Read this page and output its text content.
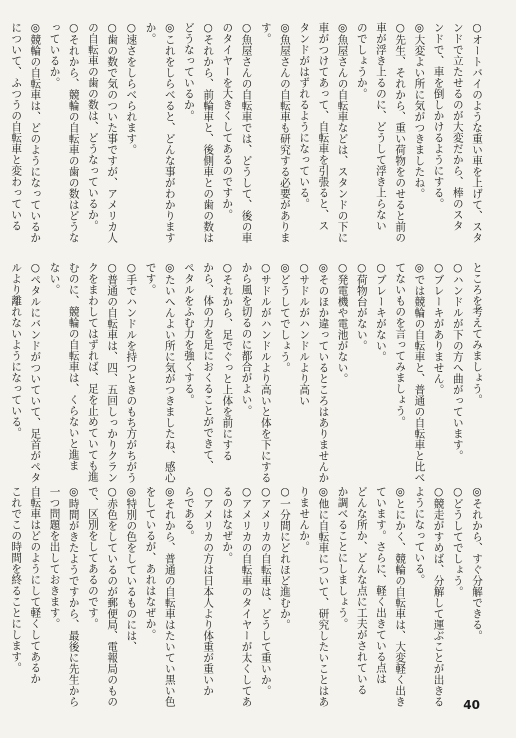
○オートバイのような重い車を上げて、スタ

ンドで立たせるのが大変だから、棒のスタ

ンドで、車を倒しかけるようにする。

◎大変よい所に気がつきましたね。

○先生、それから、重い荷物をのせると前の

車が浮き上るのに、どうして浮き上らない

のでしょうか。

◎魚屋さんの自転車などは、スタンドの下に

車がつけてあって、自転車を引張ると、ス

タンドがはずれるようになっている。

◎魚屋さんの自転車も研究する必要がありま

す。

○魚屋さんの自転車では、どうして、後の車

のタイヤーを大きくしてあるのですか。

○それから、前輪車と、後側車との歯の数は

どうなっているか。

◎これをしらべると、どんな事がわかります

か。

○速さをしらべられます。

○歯の数で気のついた事ですが、アメリカ人

の自転車の歯の数は、どうなっているか。

○それから、競輪の自転車の歯の数はどうな

っているか。

◎競輪の自転車は、どのようになっているか

について、ふつうの自転車と変わっている

ところを考えてみましょう。

○ハンドルが下の方へ曲がっています。

○ブレーキがありません。

◎では競輪の自転車と、普通の自転車と比べ

てないものを言ってみましょう。

○ブレーキがない。

○荷物台がない。

○発電機や電池がない。

◎そのほか違っているところはありませんか

○サドルがハンドルより高い

◎どうしてでしょう。

○サドルがハンドルより高いと体を下にする

から風を切るのに都合がよい。

○それから、足でぐっと上体を前にする

から、体の力を足におくることができて、

ペタルをふむ力を強くする。

◎たいへんよい所に気がつきましたね、感心

です。

○手でハンドルを持つときのもち方がちがう

○普通の自転車は、四、五回しっかりクラン

クをまわしてはずれば、足を止めていても進

むのに、競輪の自転車は、くらないと進ま

ない。

○ペタルにバンドがついていて、足首がペタ

ルより離れないようになっている。

◎それから、すぐ分解できる。

○どうしてでしょう。

○競走がすめば、分解して運ぶことが出きる

ようになっている。

◎とにかく、競輪の自転車は、大変軽く出き

ています。さらに、軽く出きている点は

どんな所か、どんな点に工夫がされている

か調べることにしましょう。

◎他に自転車について、研究したいことはあ

りませんか。

○一分間にどれほど進むか。

○アメリカの自転車は、どうして重いか。

○アメリカの自転車のタイヤーが太くしてあ

るのはなぜか。

○アメリカの方は日本人より体重が重いか

らである。

◎それから、普通の自転車はたいてい黒い色

をしているが、あれはなぜか。

◎特別の色をしているものには、

○赤色をしているのが郵便局、電報局のもの

で、区別をしてあるのです。

◎時間がきたようですから、最後に先生から

一つ問題を出しておきます。

自転車はどのようにして軽くしてあるか

これでこの時間を終ることにします。

40
